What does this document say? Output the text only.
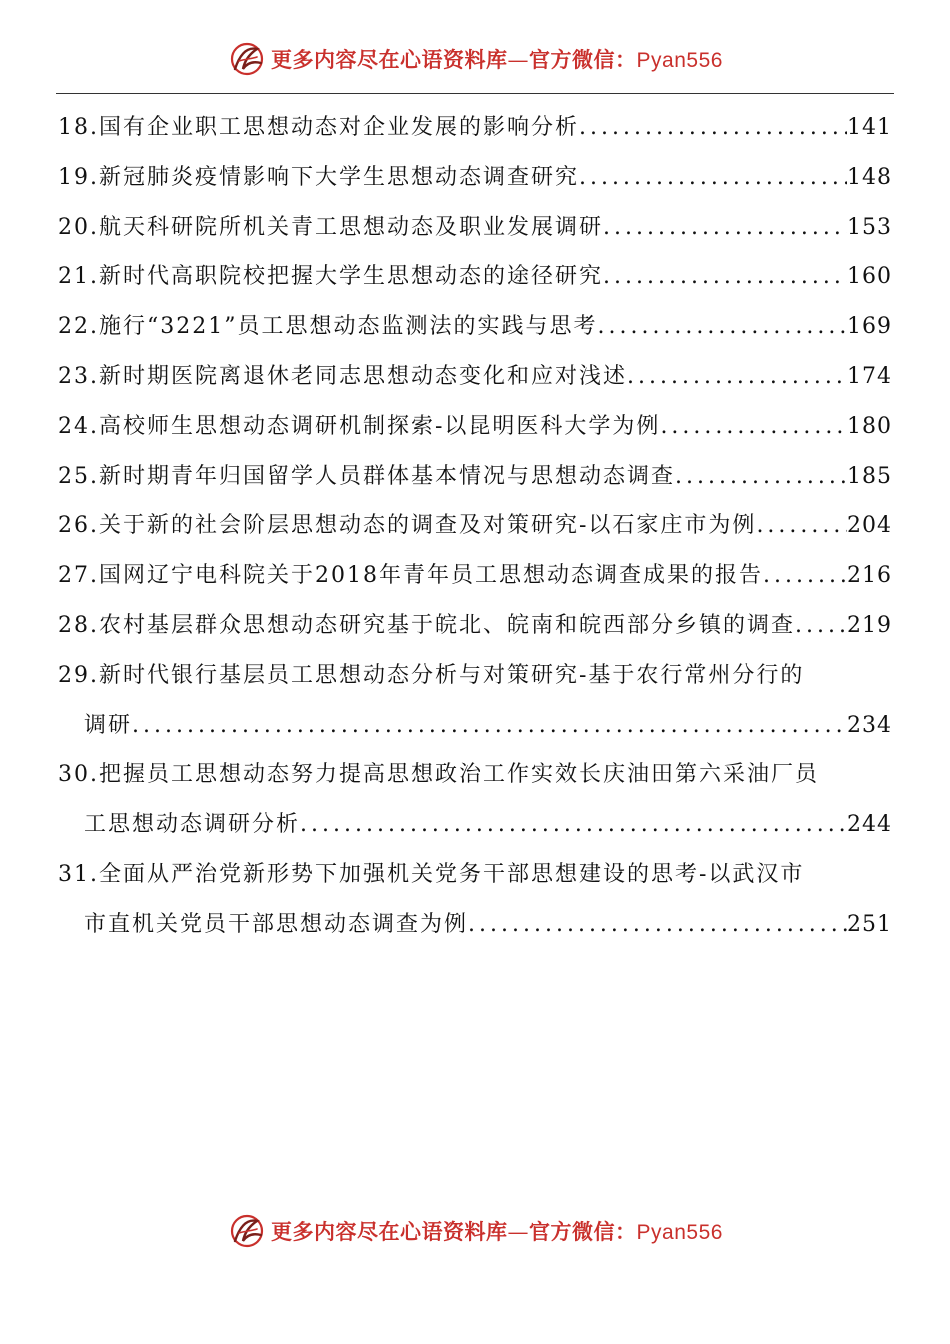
更多内容尽在心语资料库—官方微信：Pyan556
18.国有企业职工思想动态对企业发展的影响分析 .....	141
19.新冠肺炎疫情影响下大学生思想动态调查研究 .....	148
20.航天科研院所机关青工思想动态及职业发展调研 .....	153
21.新时代高职院校把握大学生思想动态的途径研究 .....	160
22.施行“3221”员工思想动态监测法的实践与思考 .....	169
23.新时期医院离退休老同志思想动态变化和应对浅述 .....	174
24.高校师生思想动态调研机制探索-以昆明医科大学为例 .....	180
25.新时期青年归国留学人员群体基本情况与思想动态调查 .....	185
26.关于新的社会阶层思想动态的调查及对策研究-以石家庄市为例 .....	204
27.国网辽宁电科院关于2018年青年员工思想动态调查成果的报告 .....	216
28.农村基层群众思想动态研究基于皖北、皖南和皖西部分乡镇的调查 ..... 219
29.新时代银行基层员工思想动态分析与对策研究-基于农行常州分行的
调研 .....	234
30.把握员工思想动态努力提高思想政治工作实效长庆油田第六采油厂员
工思想动态调研分析 .....	244
31.全面从严治党新形势下加强机关党务干部思想建设的思考-以武汉市
市直机关党员干部思想动态调查为例 .....	251
更多内容尽在心语资料库—官方微信：Pyan556
